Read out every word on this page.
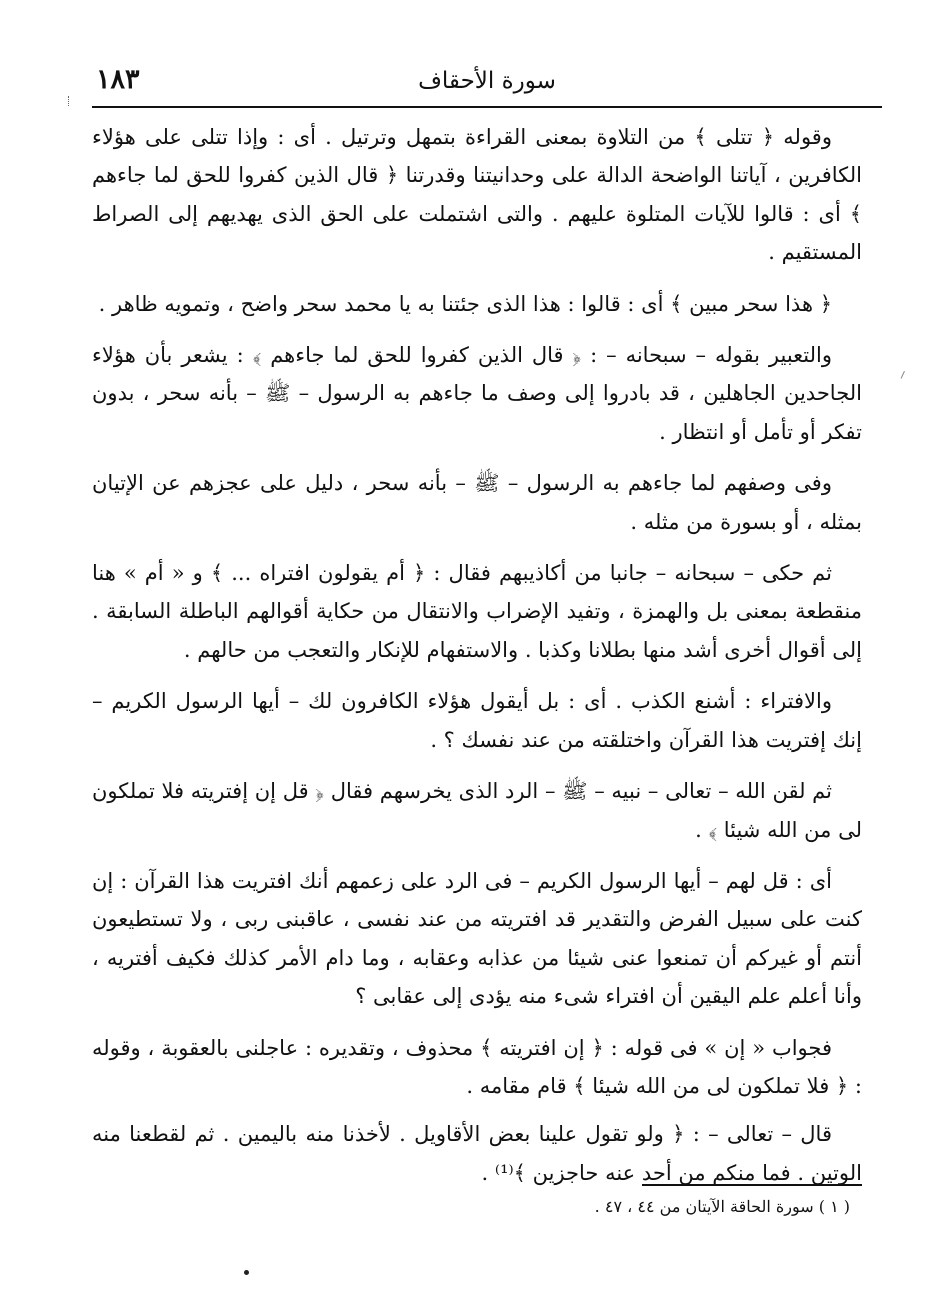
١٨٣	سورة الأحقاف

وقوله ﴿ تتلى ﴾ من التلاوة بمعنى القراءة بتمهل وترتيل . أى : وإذا تتلى على هؤلاء الكافرين ، آياتنا الواضحة الدالة على وحدانيتنا وقدرتنا ﴿ قال الذين كفروا للحق لما جاءهم ﴾ أى : قالوا للآيات المتلوة عليهم . والتى اشتملت على الحق الذى يهديهم إلى الصراط المستقيم .

﴿ هذا سحر مبين ﴾ أى : قالوا : هذا الذى جئتنا به يا محمد سحر واضح ، وتمويه ظاهر .

والتعبير بقوله – سبحانه – : ﴿ قال الذين كفروا للحق لما جاءهم ﴾ : يشعر بأن هؤلاء الجاحدين الجاهلين ، قد بادروا إلى وصف ما جاءهم به الرسول – ﷺ – بأنه سحر ، بدون تفكر أو تأمل أو انتظار .

وفى وصفهم لما جاءهم به الرسول – ﷺ – بأنه سحر ، دليل على عجزهم عن الإتيان بمثله ، أو بسورة من مثله .

ثم حكى – سبحانه – جانبا من أكاذيبهم فقال : ﴿ أم يقولون افتراه ... ﴾ و « أم » هنا منقطعة بمعنى بل والهمزة ، وتفيد الإضراب والانتقال من حكاية أقوالهم الباطلة السابقة . إلى أقوال أخرى أشد منها بطلانا وكذبا . والاستفهام للإنكار والتعجب من حالهم .

والافتراء : أشنع الكذب . أى : بل أيقول هؤلاء الكافرون لك – أيها الرسول الكريم – إنك إفتريت هذا القرآن واختلقته من عند نفسك ؟ .

ثم لقن الله – تعالى – نبيه – ﷺ – الرد الذى يخرسهم فقال ﴿ قل إن إفتريته فلا تملكون لى من الله شيئا ﴾ .

أى : قل لهم – أيها الرسول الكريم – فى الرد على زعمهم أنك افتريت هذا القرآن : إن كنت على سبيل الفرض والتقدير قد افتريته من عند نفسى ، عاقبنى ربى ، ولا تستطيعون أنتم أو غيركم أن تمنعوا عنى شيئا من عذابه وعقابه ، وما دام الأمر كذلك فكيف أفتريه ، وأنا أعلم علم اليقين أن افتراء شىء منه يؤدى إلى عقابى ؟

فجواب « إن » فى قوله : ﴿ إن افتريته ﴾ محذوف ، وتقديره : عاجلنى بالعقوبة ، وقوله : ﴿ فلا تملكون لى من الله شيئا ﴾ قام مقامه .

قال – تعالى – : ﴿ ولو تقول علينا بعض الأقاويل . لأخذنا منه باليمين . ثم لقطعنا منه الوتين . فما منكم من أحد عنه حاجزين ﴾⁽¹⁾ .

( ١ ) سورة الحاقة الآيتان من ٤٤ ، ٤٧ .
